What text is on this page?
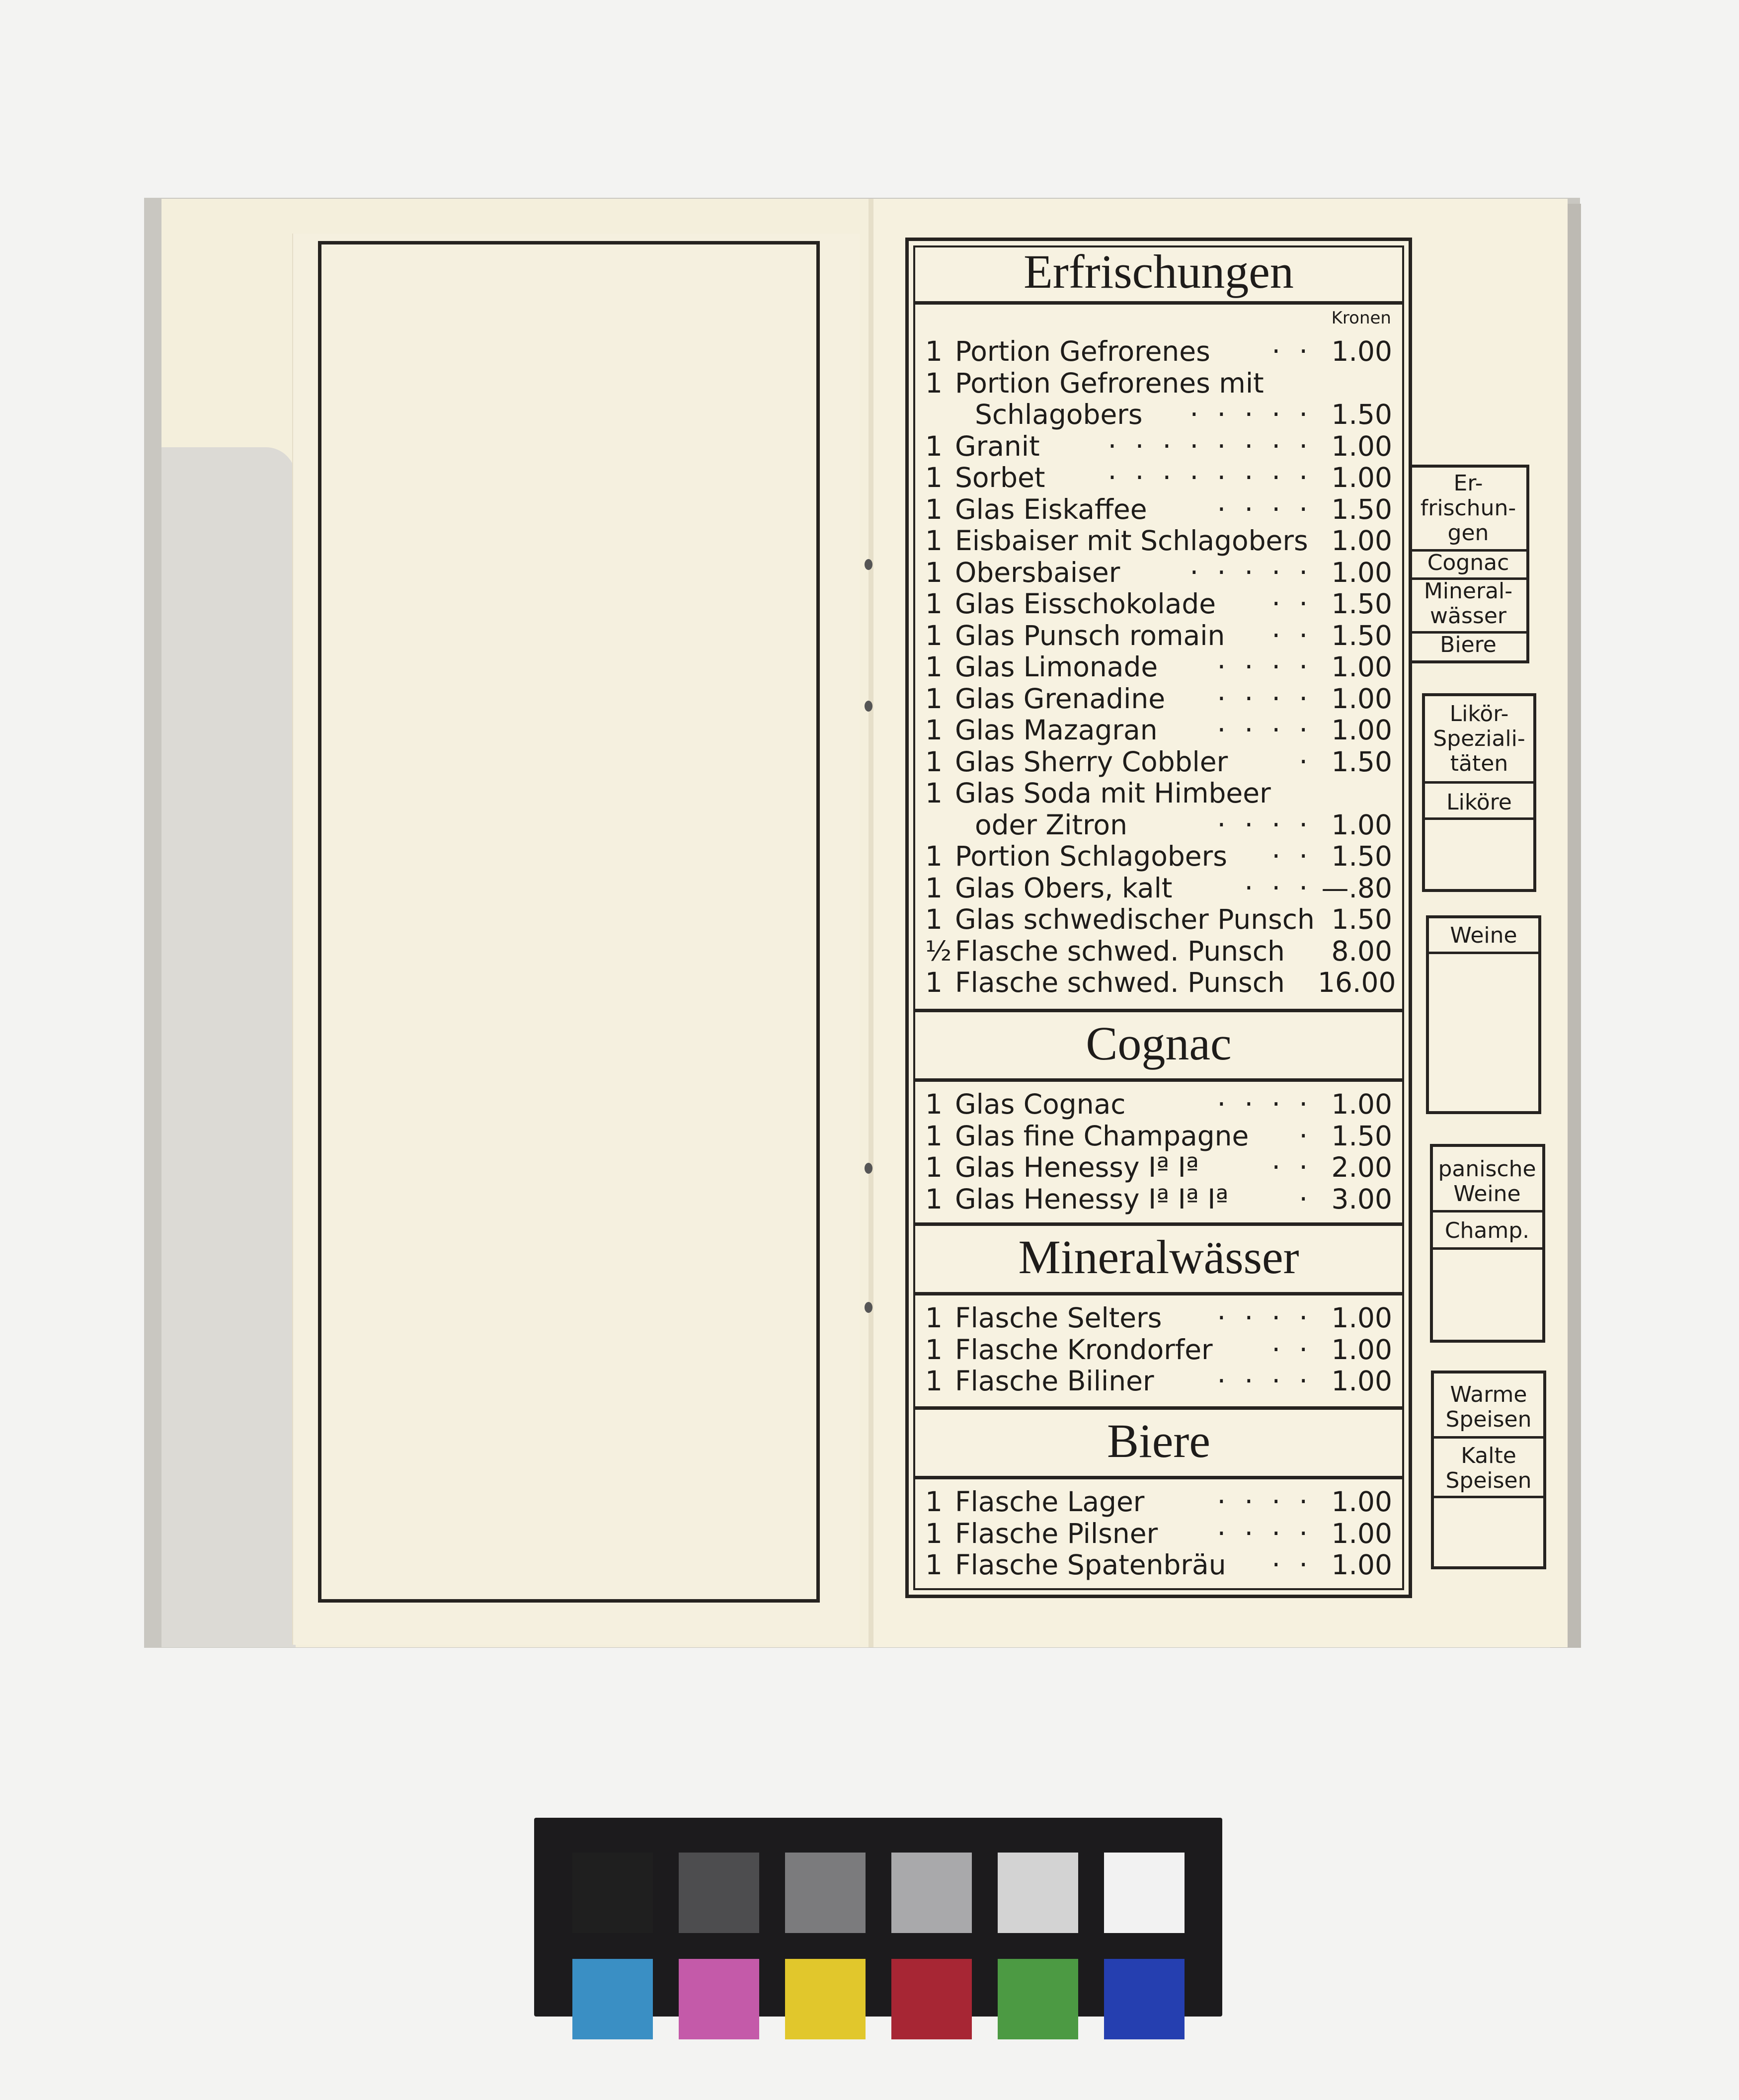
Er-
frischun-
gen
Cognac
Mineral-
wässer
Biere
Likör-
Speziali-
täten
Liköre
Weine
panische
Weine
Champ.
Warme
Speisen
Kalte
Speisen
Erfrischungen
Kronen
1 Portion Gefrorenes · · 1.00
1 Portion Gefrorenes mit
Schlagobers · · · · · 1.50
1 Granit · · · · · · · · 1.00
1 Sorbet · · · · · · · · 1.00
1 Glas Eiskaffee	· · · · 1.50
1 Eisbaiser mit Schlagobers 1.00
1 Obersbaiser	· · · · · 1.00
1 Glas Eisschokolade · · 1.50
1 Glas Punsch romain · · 1.50
1 Glas Limonade · · · · 1.00
1 Glas Grenadine · · · · 1.00
1 Glas Mazagran · · · · 1.00
1 Glas Sherry Cobbler	· 1.50
1 Glas Soda mit Himbeer
oder Zitron	· · · · 1.00
1 Portion Schlagobers · · 1.50
1 Glas Obers, kalt	· · · —.80
1 Glas schwedischer Punsch 1.50
½ Flasche schwed. Punsch	8.00
1 Flasche schwed. Punsch 16.00
Cognac
1 Glas Cognac	· · · · 1.00
1 Glas fine Champagne · 1.50
1 Glas Henessy Iª Iª	· · 2.00
1 Glas Henessy Iª Iª Iª	· 3.00
Mineralwässer
1 Flasche Selters · · · · 1.00
1 Flasche Krondorfer · · 1.00
1 Flasche Biliner · · · · 1.00
Biere
1 Flasche Lager	· · · · 1.00
1 Flasche Pilsner · · · · 1.00
1 Flasche Spatenbräu · · 1.00
